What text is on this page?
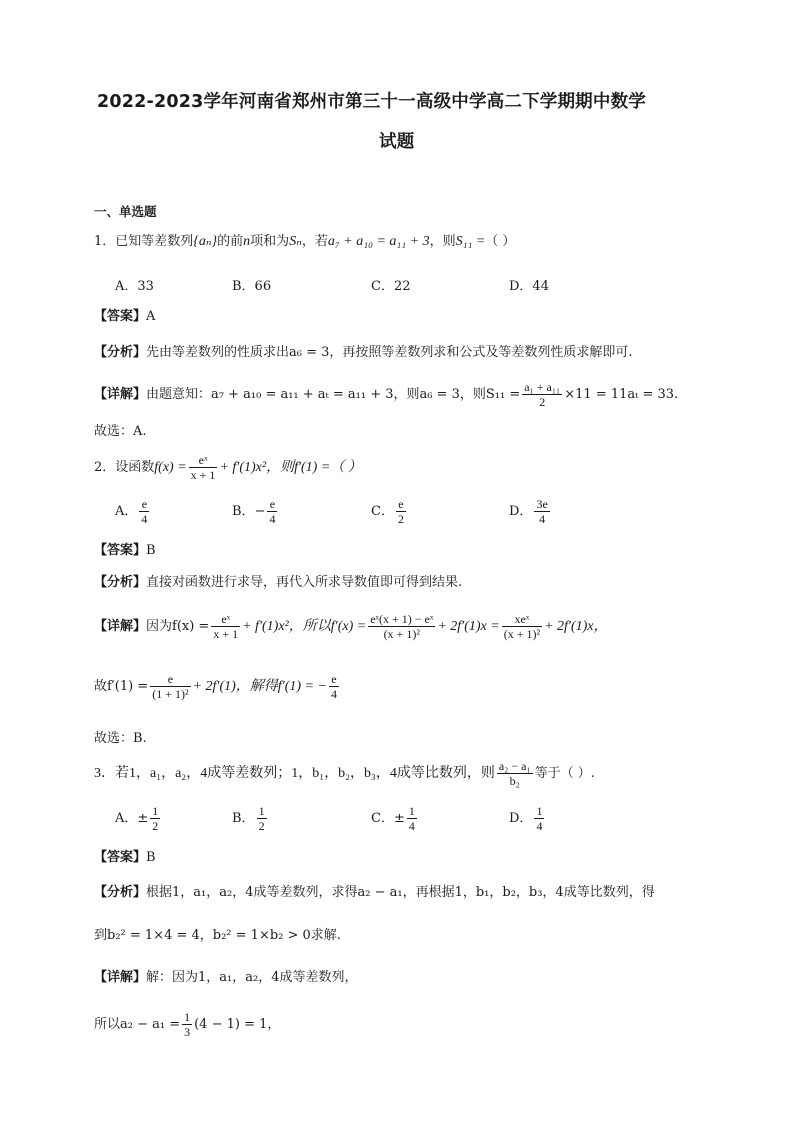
2022-2023学年河南省郑州市第三十一高级中学高二下学期期中数学
试题
一、单选题
1．已知等差数列{aₙ}的前n项和为Sₙ，若a₇ + a₁₀ = a₁₁ + 3，则S₁₁ =（ ）
A．33	B．66	C．22	D．44
【答案】A
【分析】先由等差数列的性质求出a₆ = 3，再按照等差数列求和公式及等差数列性质求解即可.
【详解】由题意知：a₇ + a₁₀ = a₁₁ + aₜ = a₁₁ + 3，则a₆ = 3，则$S_{11} = \frac{\text{a₁ + a₁₁}}{2} \times 11 = 11a_t = 33$.
故选：A.
2．设函数$f(x) = \frac{\text{eˣ}}{x + 1} + f'(1)x^2$，则f′(1) =（ ）
A． $\frac{e}{4}$	B．− $\frac{e}{4}$	C． $\frac{e}{2}$	D． $\frac{3e}{4}$
【答案】B
【分析】直接对函数进行求导，再代入所求导数值即可得到结果.
【详解】因为$f(x) = \frac{\text{eˣ}}{x + 1} + f'(1)x^2$，所以$f'(x) = \frac{\text{eˣ(x + 1) − eˣ}}{\text{(x + 1)²}} + 2f'(1)x = \frac{\text{xeˣ}}{\text{(x + 1)²}} + 2f'(1)x$，
故$f'(1) = \frac{e}{\text{(1 + 1)²}} + 2f'(1)$，解得f′(1) = − $\frac{e}{4}$
故选：B.
3．若1，a₁，a₂，4成等差数列；1，b₁，b₂，b₃，4成等比数列，则 $\frac{\text{a₂ − a₁}}{\text{b₂}}$ 等于（ ）.
A．± $\frac{1}{2}$	B． $\frac{1}{2}$	C．± $\frac{1}{4}$	D． $\frac{1}{4}$
【答案】B
【分析】根据1，a₁，a₂，4成等差数列，求得a₂ − a₁，再根据1，b₁，b₂，b₃，4成等比数列，得
到b₂² = 1×4 = 4，b₂² = 1×b₂ > 0求解.
【详解】解：因为1，a₁，a₂，4成等差数列，
所以$a_2 - a_1 = \frac{1}{3} (4 - 1) = 1$，
